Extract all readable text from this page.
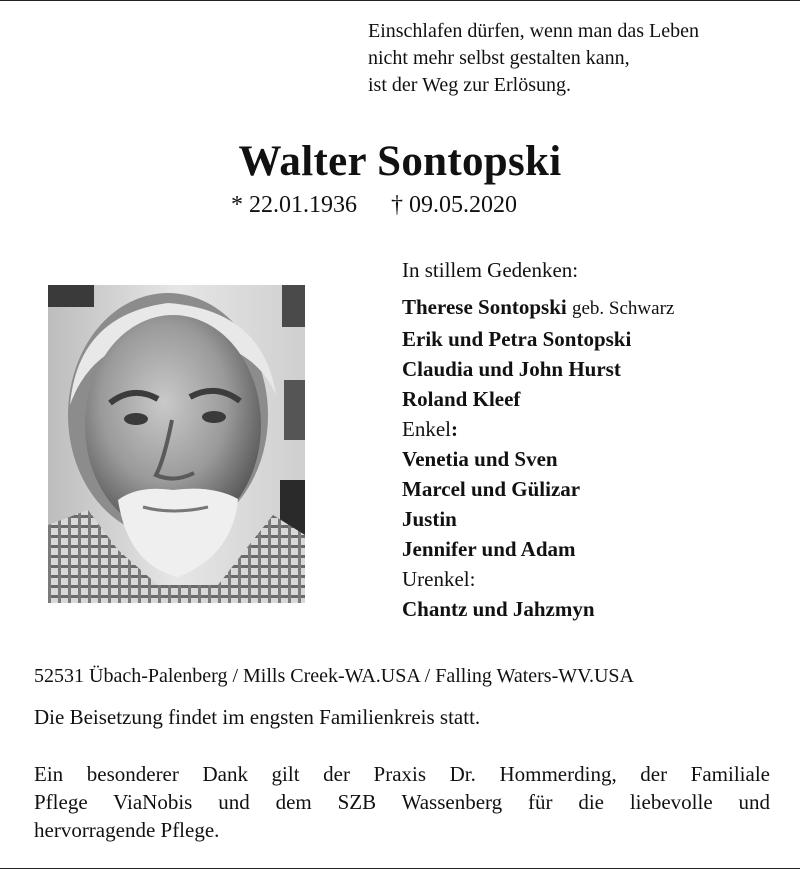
Einschlafen dürfen, wenn man das Leben
nicht mehr selbst gestalten kann,
ist der Weg zur Erlösung.
Walter Sontopski
* 22.01.1936 † 09.05.2020
In stillem Gedenken:
Therese Sontopski geb. Schwarz
Erik und Petra Sontopski
Claudia und John Hurst
Roland Kleef
Enkel:
Venetia und Sven
Marcel und Gülizar
Justin
Jennifer und Adam
Urenkel:
Chantz und Jahzmyn
52531 Übach-Palenberg / Mills Creek-WA.USA / Falling Waters-WV.USA
Die Beisetzung findet im engsten Familienkreis statt.
Ein besonderer Dank gilt der Praxis Dr. Hommerding, der Familiale
Pflege ViaNobis und dem SZB Wassenberg für die liebevolle und
hervorragende Pflege.
